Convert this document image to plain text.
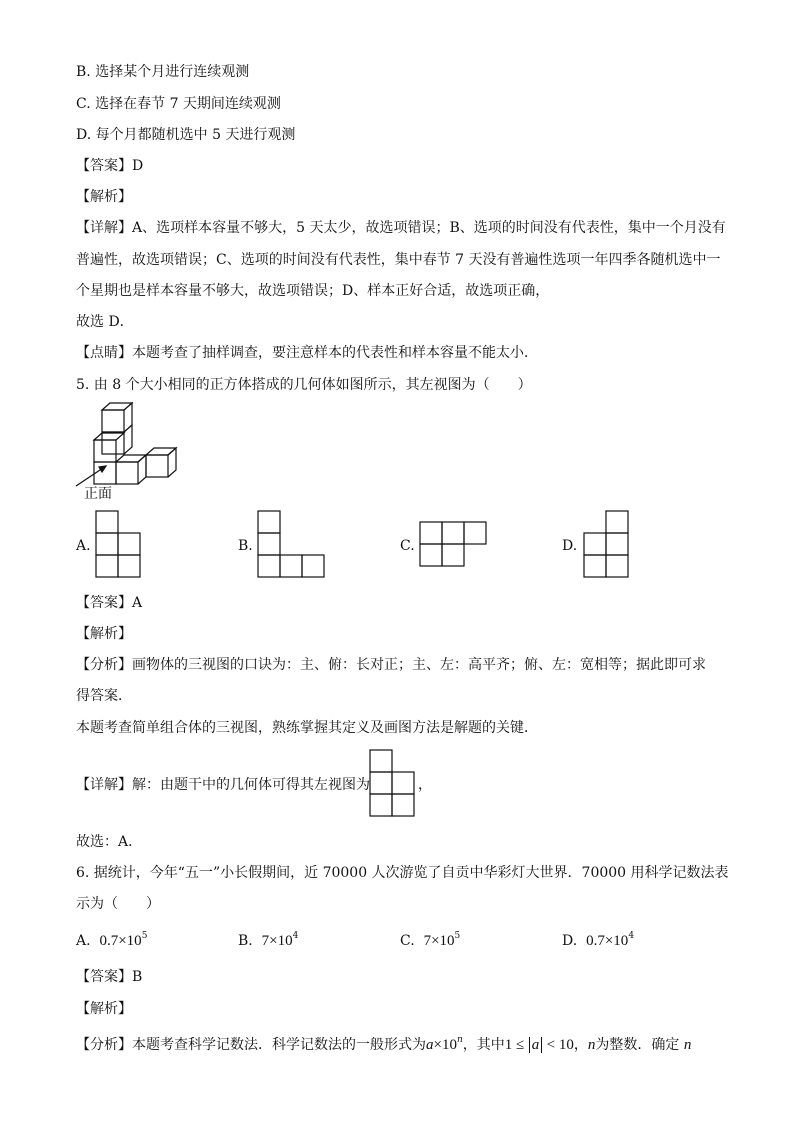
B. 选择某个月进行连续观测
C. 选择在春节 7 天期间连续观测
D. 每个月都随机选中 5 天进行观测
【答案】D
【解析】
【详解】A、选项样本容量不够大，5 天太少，故选项错误；B、选项的时间没有代表性，集中一个月没有
普遍性，故选项错误；C、选项的时间没有代表性，集中春节 7 天没有普遍性选项一年四季各随机选中一
个星期也是样本容量不够大，故选项错误；D、样本正好合适，故选项正确，
故选 D．
【点睛】本题考查了抽样调查，要注意样本的代表性和样本容量不能太小．
5. 由 8 个大小相同的正方体搭成的几何体如图所示，其左视图为（　　）
正面
A.	B.	C.	D.
【答案】A
【解析】
【分析】画物体的三视图的口诀为：主、俯：长对正；主、左：高平齐；俯、左：宽相等；据此即可求
得答案．
本题考查简单组合体的三视图，熟练掌握其定义及画图方法是解题的关键．
【详解】解：由题干中的几何体可得其左视图为	，
故选：A．
6. 据统计，今年“五一”小长假期间，近 70000 人次游览了自贡中华彩灯大世界．70000 用科学记数法表
示为（　　）
A. $0.7\times 10^5$	B. $7\times 10^4$	C. $7\times 10^5$	D. $0.7\times 10^4$
【答案】B
【解析】
【分析】本题考查科学记数法．科学记数法的一般形式为$a\times 10^n$，其中1 ≤ a < 10，n为整数．确定 n
